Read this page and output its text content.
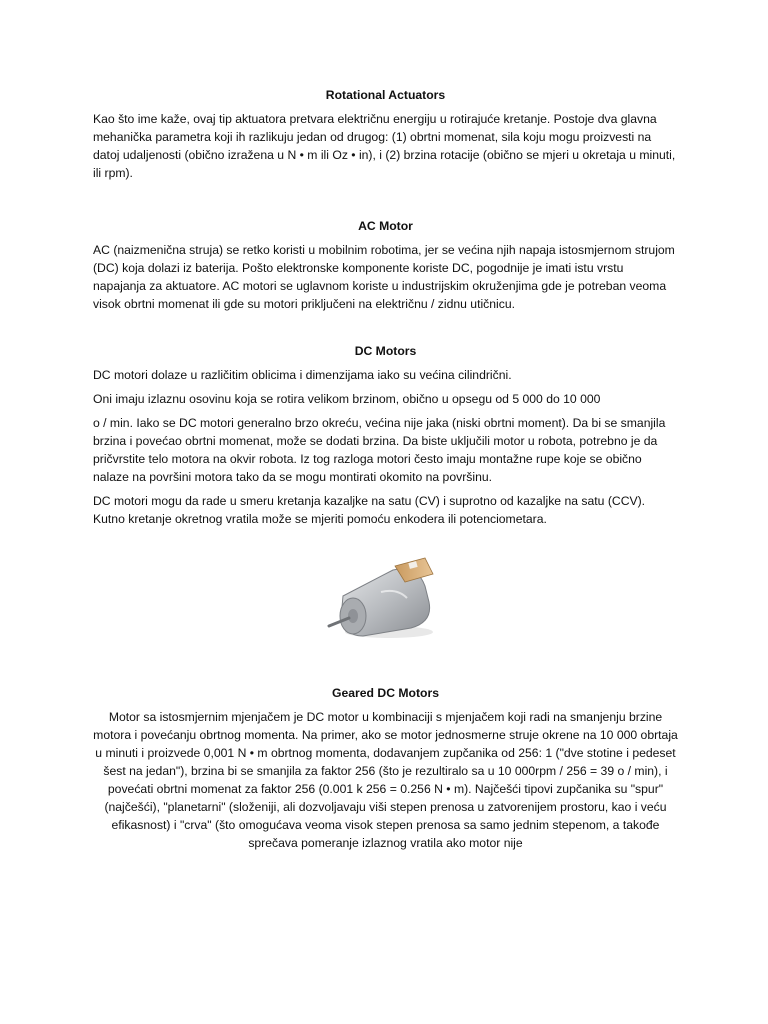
Rotational Actuators

Kao što ime kaže, ovaj tip aktuatora pretvara električnu energiju u rotirajuće kretanje. Postoje dva glavna mehanička parametra koji ih razlikuju jedan od drugog: (1) obrtni momenat, sila koju mogu proizvesti na datoj udaljenosti (obično izražena u N • m ili Oz • in), i (2) brzina rotacije (obično se mjeri u okretaja u minuti, ili rpm).

AC Motor

AC (naizmenična struja) se retko koristi u mobilnim robotima, jer se većina njih napaja istosmjernom strujom (DC) koja dolazi iz baterija. Pošto elektronske komponente koriste DC, pogodnije je imati istu vrstu napajanja za aktuatore. AC motori se uglavnom koriste u industrijskim okruženjima gde je potreban veoma visok obrtni momenat ili gde su motori priključeni na električnu / zidnu utičnicu.

DC Motors

DC motori dolaze u različitim oblicima i dimenzijama iako su većina cilindrični.

Oni imaju izlaznu osovinu koja se rotira velikom brzinom, obično u opsegu od 5 000 do 10 000

o / min. Iako se DC motori generalno brzo okreću, većina nije jaka (niski obrtni moment). Da bi se smanjila brzina i povećao obrtni momenat, može se dodati brzina. Da biste uključili motor u robota, potrebno je da pričvrstite telo motora na okvir robota. Iz tog razloga motori često imaju montažne rupe koje se obično nalaze na površini motora tako da se mogu montirati okomito na površinu.

DC motori mogu da rade u smeru kretanja kazaljke na satu (CV) i suprotno od kazaljke na satu (CCV). Kutno kretanje okretnog vratila može se mjeriti pomoću enkodera ili potenciometara.

Geared DC Motors

Motor sa istosmjernim mjenjačem je DC motor u kombinaciji s mjenjačem koji radi na smanjenju brzine motora i povećanju obrtnog momenta. Na primer, ako se motor jednosmerne struje okrene na 10 000 obrtaja u minuti i proizvede 0,001 N • m obrtnog momenta, dodavanjem zupčanika od 256: 1 ("dve stotine i pedeset šest na jedan"), brzina bi se smanjila za faktor 256 (što je rezultiralo sa u 10 000rpm / 256 = 39 o / min), i povećati obrtni momenat za faktor 256 (0.001 k 256 = 0.256 N • m). Najčešći tipovi zupčanika su "spur" (najčešći), "planetarni" (složeniji, ali dozvoljavaju viši stepen prenosa u zatvorenijem prostoru, kao i veću efikasnost) i "crva" (što omogućava veoma visok stepen prenosa sa samo jednim stepenom, a takođe sprečava pomeranje izlaznog vratila ako motor nije
